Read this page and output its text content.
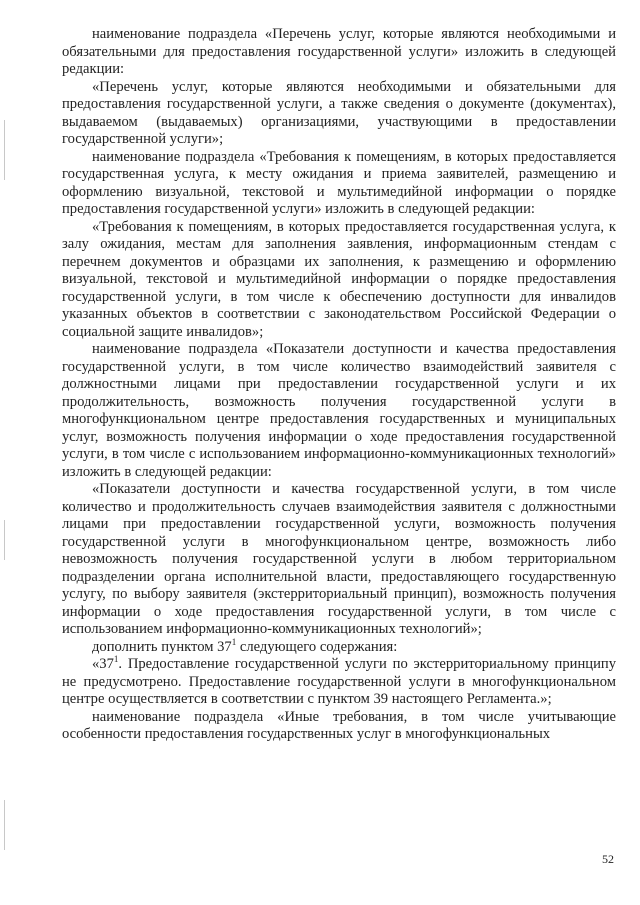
наименование подраздела «Перечень услуг, которые являются необходимыми и обязательными для предоставления государственной услуги» изложить в следующей редакции:

«Перечень услуг, которые являются необходимыми и обязательными для предоставления государственной услуги, а также сведения о документе (документах), выдаваемом (выдаваемых) организациями, участвующими в предоставлении государственной услуги»;

наименование подраздела «Требования к помещениям, в которых предоставляется государственная услуга, к месту ожидания и приема заявителей, размещению и оформлению визуальной, текстовой и мультимедийной информации о порядке предоставления государственной услуги» изложить в следующей редакции:

«Требования к помещениям, в которых предоставляется государственная услуга, к залу ожидания, местам для заполнения заявления, информационным стендам с перечнем документов и образцами их заполнения, к размещению и оформлению визуальной, текстовой и мультимедийной информации о порядке предоставления государственной услуги, в том числе к обеспечению доступности для инвалидов указанных объектов в соответствии с законодательством Российской Федерации о социальной защите инвалидов»;

наименование подраздела «Показатели доступности и качества предоставления государственной услуги, в том числе количество взаимодействий заявителя с должностными лицами при предоставлении государственной услуги и их продолжительность, возможность получения государственной услуги в многофункциональном центре предоставления государственных и муниципальных услуг, возможность получения информации о ходе предоставления государственной услуги, в том числе с использованием информационно-коммуникационных технологий» изложить в следующей редакции:

«Показатели доступности и качества государственной услуги, в том числе количество и продолжительность случаев взаимодействия заявителя с должностными лицами при предоставлении государственной услуги, возможность получения государственной услуги в многофункциональном центре, возможность либо невозможность получения государственной услуги в любом территориальном подразделении органа исполнительной власти, предоставляющего государственную услугу, по выбору заявителя (экстерриториальный принцип), возможность получения информации о ходе предоставления государственной услуги, в том числе с использованием информационно-коммуникационных технологий»;

дополнить пунктом $37^1$ следующего содержания:

«$37^1$. Предоставление государственной услуги по экстерриториальному принципу не предусмотрено. Предоставление государственной услуги в многофункциональном центре осуществляется в соответствии с пунктом 39 настоящего Регламента.»;

наименование подраздела «Иные требования, в том числе учитывающие особенности предоставления государственных услуг в многофункциональных

52
